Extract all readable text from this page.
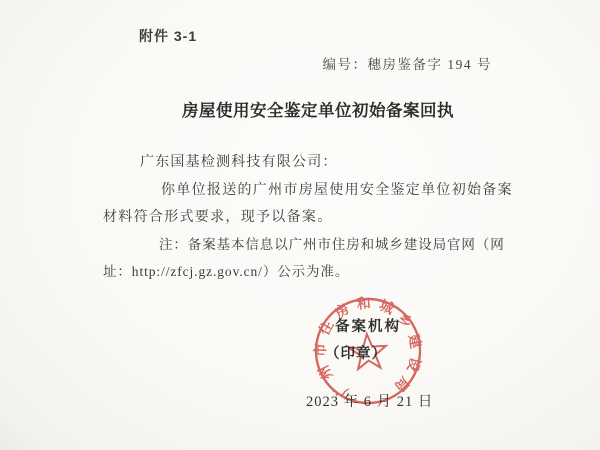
附件 3-1
编号：穗房鉴备字 194 号
房屋使用安全鉴定单位初始备案回执
广东国基检测科技有限公司：
你单位报送的广州市房屋使用安全鉴定单位初始备案
材料符合形式要求，现予以备案。
注：备案基本信息以广州市住房和城乡建设局官网（网
址：http://zfcj.gz.gov.cn/）公示为准。
备案机构
（印章）
广州市住房和城乡建设局
2023 年 6 月 21 日
